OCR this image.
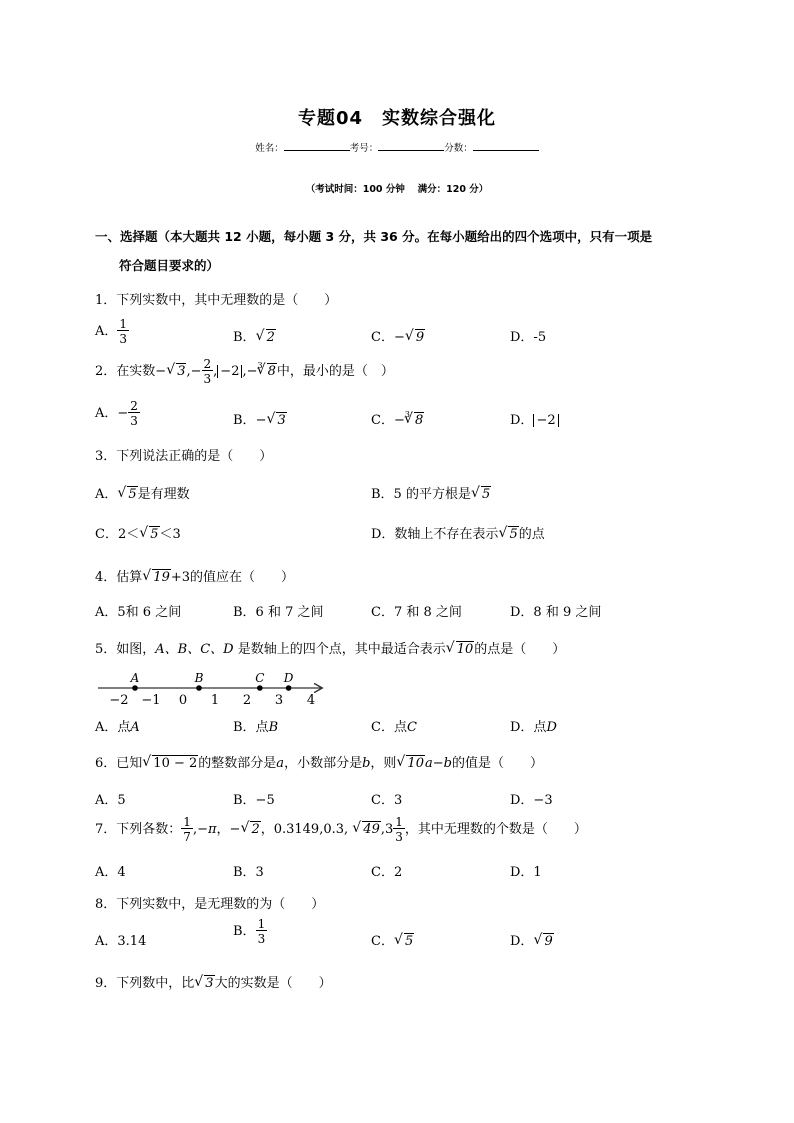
专题04　实数综合强化
姓名：	考号：	分数：
（考试时间：100 分钟　 满分：120 分）
一、选择题（本大题共 12 小题，每小题 3 分，共 36 分。在每小题给出的四个选项中，只有一项是
符合题目要求的）
1．下列实数中，其中无理数的是（　　）
A． $\frac{1}{3}$	B． √ 2	C．− √ 9	D．-5
2．在实数− √ $3,- \frac{2}{3}$ , −2 ,−$^3$ √ 8中，最小的是（　）
A．− $\frac{2}{3}$	B．− √ 3	C．−$^3$ √ 8	D． −2
3．下列说法正确的是（　　）
A． √ 5是有理数	B．5 的平方根是 √ 5
C．2＜ √ 5＜3	D．数轴上不存在表示 √ 5的点
4．估算 √ 19+3的值应在（　　）
A．5和 6 之间	B．6 和 7 之间	C．7 和 8 之间	D．8 和 9 之间
5．如图，A、B、C、D 是数轴上的四个点，其中最适合表示 √ 10的点是（　　）
−2 −1 0 1 2 3 4
A	B	C D
A．点A	B．点B	C．点C	D．点D
6．已知 √ 10 − 2的整数部分是a，小数部分是b，则 √ 10a−b的值是（　　）
A．5	B．−5	C．3	D．−3
7．下列各数： $\frac{1}{7} ,-\pi$，− √ 2，0.3149,0.3, √ $49,3 \frac{1}{3}$ ，其中无理数的个数是（　　）
A．4	B．3	C．2	D．1
8．下列实数中，是无理数的为（　　）
A．3.14
B． $\frac{1}{3}$	C． √ 5	D． √ 9
9．下列数中，比 √ 3大的实数是（　　）
